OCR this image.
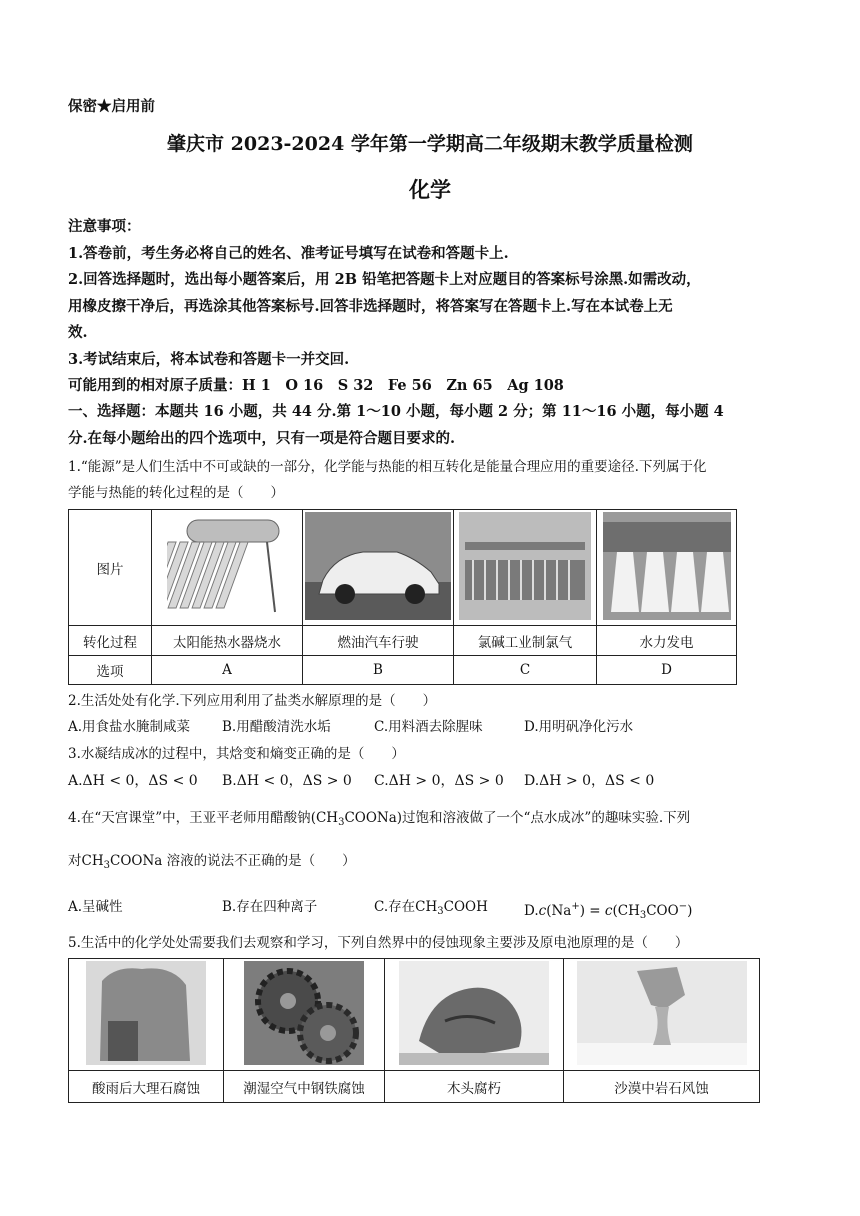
保密★启用前
肇庆市 2023-2024 学年第一学期高二年级期末教学质量检测
化学
注意事项：
1.答卷前，考生务必将自己的姓名、准考证号填写在试卷和答题卡上.
2.回答选择题时，选出每小题答案后，用 2B 铅笔把答题卡上对应题目的答案标号涂黑.如需改动，
用橡皮擦干净后，再选涂其他答案标号.回答非选择题时，将答案写在答题卡上.写在本试卷上无
效.
3.考试结束后，将本试卷和答题卡一并交回.
可能用到的相对原子质量：H 1　O 16　S 32　Fe 56　Zn 65　Ag 108
一、选择题：本题共 16 小题，共 44 分.第 1～10 小题，每小题 2 分；第 11～16 小题，每小题 4
分.在每小题给出的四个选项中，只有一项是符合题目要求的.
1.“能源”是人们生活中不可或缺的一部分，化学能与热能的相互转化是能量合理应用的重要途径.下列属于化
学能与热能的转化过程的是（　　）
图片				
转化过程	太阳能热水器烧水	燃油汽车行驶	氯碱工业制氯气	水力发电
选项	A	B	C	D
2.生活处处有化学.下列应用利用了盐类水解原理的是（　　）
A.用食盐水腌制咸菜 B.用醋酸清洗水垢	C.用料酒去除腥味	D.用明矾净化污水
3.水凝结成冰的过程中，其焓变和熵变正确的是（　　）
A.ΔH < 0，ΔS < 0 B.ΔH < 0，ΔS > 0 C.ΔH > 0，ΔS > 0 D.ΔH > 0，ΔS < 0
4.在“天宫课堂”中，王亚平老师用醋酸钠$(CH_3COONa)$过饱和溶液做了一个“点水成冰”的趣味实验.下列
对$CH_3COONa$ 溶液的说法不正确的是（　　）
A.呈碱性	B.存在四种离子	C.存在$CH_3COOH$	$D.c(Na^+) = c(CH_3COO^-)$
5.生活中的化学处处需要我们去观察和学习，下列自然界中的侵蚀现象主要涉及原电池原理的是（　　）

酸雨后大理石腐蚀	潮湿空气中钢铁腐蚀	木头腐朽	沙漠中岩石风蚀
